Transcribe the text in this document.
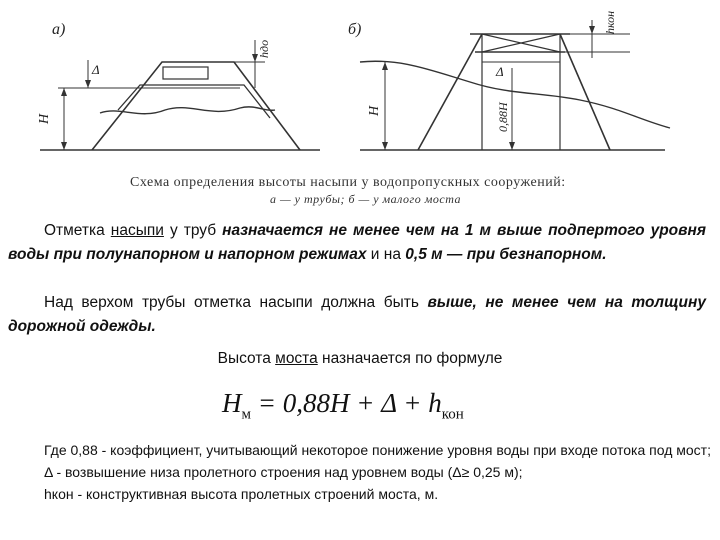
а)
H
Δ
hдо
б)
H	0,88H
Δ
hкон
Схема определения высоты насыпи у водопропускных сооружений:
а — у трубы; б — у малого моста
Отметка насыпи у труб назначается не менее чем на 1 м выше подпертого уровня воды при полунапорном и напорном режимах и на 0,5 м — при безнапорном.
Над верхом трубы отметка насыпи должна быть выше, не менее чем на толщину дорожной одежды.
Высота моста назначается по формуле
$H_м = 0,88H + \Delta + h_{кон}$
Где 0,88 - коэффициент, учитывающий некоторое понижение уровня воды при входе потока под мост;
Δ - возвышение низа пролетного строения над уровнем воды (Δ≥ 0,25 м);
hкон - конструктивная высота пролетных строений моста, м.
